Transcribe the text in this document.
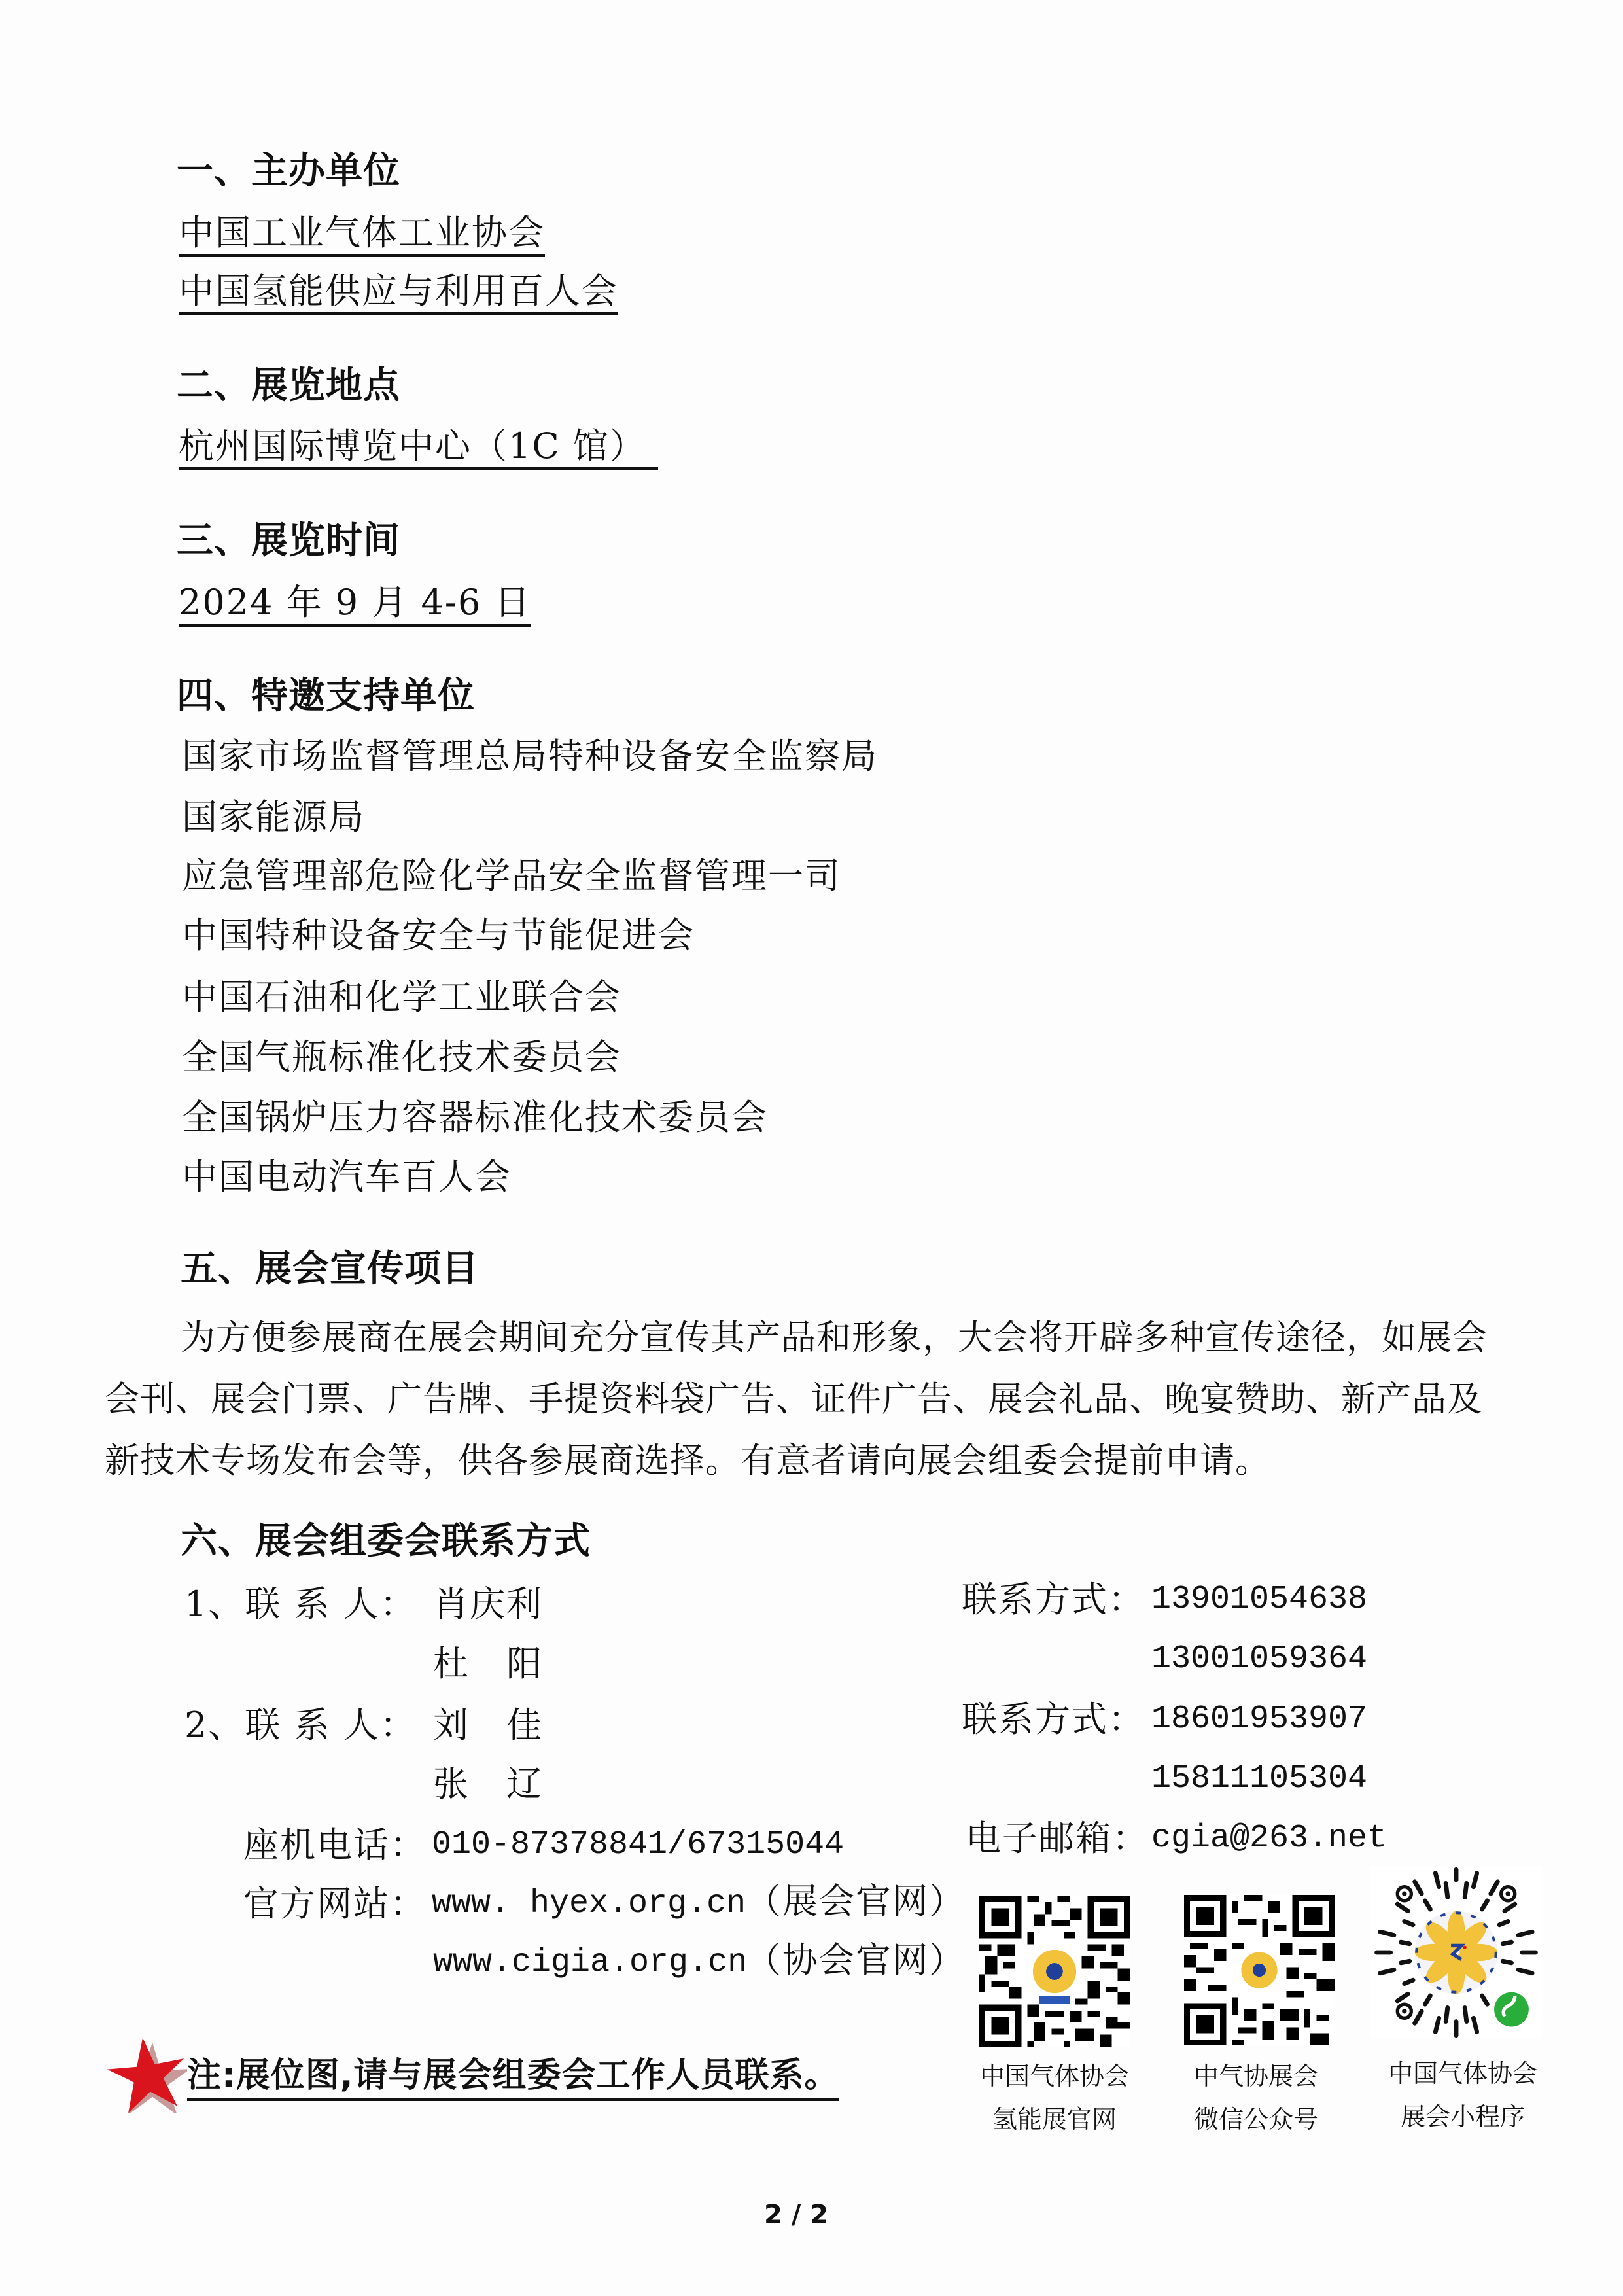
一、主办单位
中国工业气体工业协会
中国氢能供应与利用百人会
二、展览地点
杭州国际博览中心（1C 馆）
三、展览时间
2024 年 9 月 4-6 日
四、特邀支持单位
国家市场监督管理总局特种设备安全监察局
国家能源局
应急管理部危险化学品安全监督管理一司
中国特种设备安全与节能促进会
中国石油和化学工业联合会
全国气瓶标准化技术委员会
全国锅炉压力容器标准化技术委员会
中国电动汽车百人会
五、展会宣传项目
为方便参展商在展会期间充分宣传其产品和形象，大会将开辟多种宣传途径，如展会会刊、展会门票、广告牌、手提资料袋广告、证件广告、展会礼品、晚宴赞助、新产品及新技术专场发布会等，供各参展商选择。有意者请向展会组委会提前申请。
六、展会组委会联系方式
1、联 系 人： 肖庆利
杜　阳
联系方式： 13901054638
13001059364
2、联 系 人： 刘　佳
张　辽
联系方式： 18601953907
15811105304
座机电话： 010-87378841/67315044	电子邮箱： cgia@263.net
官方网站： www. hyex.org.cn （展会官网）
www.cigia.org.cn
（协会官网）
中国气体协会
氢能展官网
中气协展会
微信公众号
中国气体协会
展会小程序
注:展位图,请与展会组委会工作人员联系。
2 / 2
